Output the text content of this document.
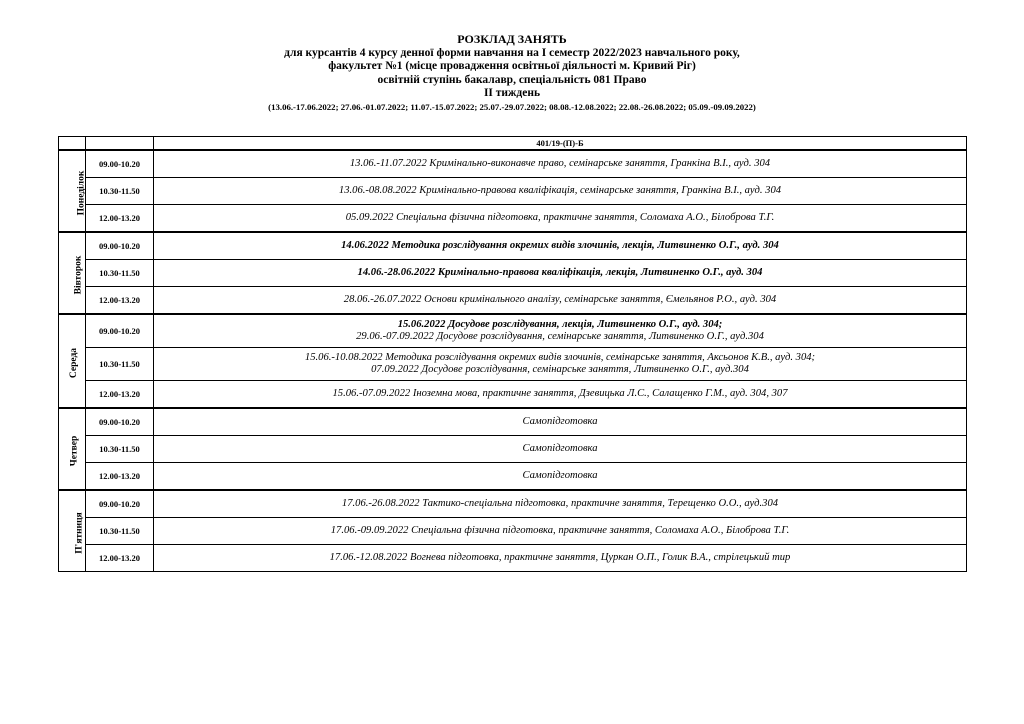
РОЗКЛАД ЗАНЯТЬ
для курсантів 4 курсу денної форми навчання на І семестр 2022/2023 навчального року,
факультет №1 (місце провадження освітньої діяльності м. Кривий Ріг)
освітній ступінь бакалавр, спеціальність 081 Право
ІІ тиждень
(13.06.-17.06.2022; 27.06.-01.07.2022; 11.07.-15.07.2022; 25.07.-29.07.2022; 08.08.-12.08.2022; 22.08.-26.08.2022; 05.09.-09.09.2022)
		401/19-(П)-Б
Понеділок	09.00-10.20	13.06.-11.07.2022 Кримінально-виконавче право, семінарське заняття, Гранкіна В.І., ауд. 304

	10.30-11.50	13.06.-08.08.2022 Кримінально-правова кваліфікація, семінарське заняття, Гранкіна В.І., ауд. 304

	12.00-13.20	05.09.2022 Спеціальна фізична підготовка, практичне заняття, Соломаха А.О., Білоброва Т.Г.

Вівторок	09.00-10.20	14.06.2022 Методика розслідування окремих видів злочинів, лекція, Литвиненко О.Г., ауд. 304

	10.30-11.50	14.06.-28.06.2022 Кримінально-правова кваліфікація, лекція, Литвиненко О.Г., ауд. 304

	12.00-13.20	28.06.-26.07.2022 Основи кримінального аналізу, семінарське заняття, Ємельянов Р.О., ауд. 304

Середа	09.00-10.20	15.06.2022 Досудове розслідування, лекція, Литвиненко О.Г., ауд. 304;
29.06.-07.09.2022 Досудове розслідування, семінарське заняття, Литвиненко О.Г., ауд.304

	10.30-11.50	15.06.-10.08.2022 Методика розслідування окремих видів злочинів, семінарське заняття, Аксьонов К.В., ауд. 304;
07.09.2022 Досудове розслідування, семінарське заняття, Литвиненко О.Г., ауд.304

	12.00-13.20	15.06.-07.09.2022 Іноземна мова, практичне заняття, Дзевицька Л.С., Салащенко Г.М., ауд. 304, 307

Четвер	09.00-10.20	Самопідготовка

	10.30-11.50	Самопідготовка

	12.00-13.20	Самопідготовка

П'ятниця	09.00-10.20	17.06.-26.08.2022 Тактико-спеціальна підготовка, практичне заняття, Терещенко О.О., ауд.304

	10.30-11.50	17.06.-09.09.2022 Спеціальна фізична підготовка, практичне заняття, Соломаха А.О., Білоброва Т.Г.

	12.00-13.20	17.06.-12.08.2022 Вогнева підготовка, практичне заняття, Цуркан О.П., Голик В.А., стрілецький тир
